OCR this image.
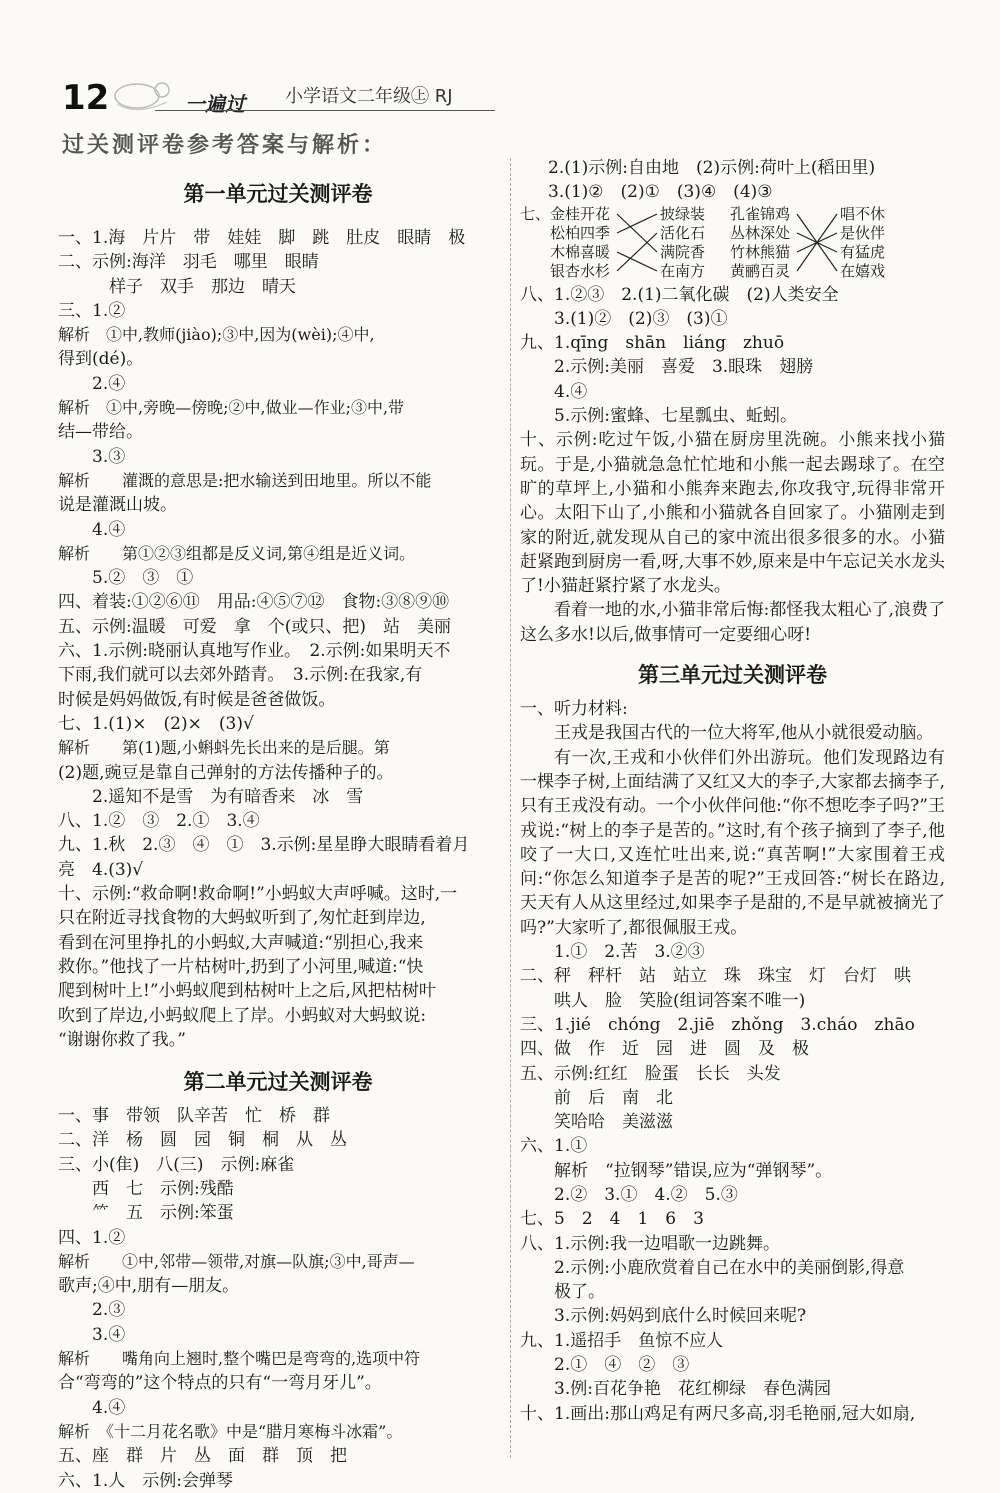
12	一遍过 小学语文二年级㊤ RJ
过关测评卷参考答案与解析：
第一单元过关测评卷
一、1.海　片片　带　娃娃　脚　跳　肚皮　眼睛　极
二、示例:海洋　羽毛　哪里　眼睛
　　　样子　双手　那边　晴天
三、1.②
解析　①中,教师(jiào);③中,因为(wèi);④中,
得到(dé)。
　　2.④
解析　①中,旁晚—傍晚;②中,做业—作业;③中,带
结—带给。
　　3.③
解析　　灌溉的意思是:把水输送到田地里。所以不能
说是灌溉山坡。
　　4.④
解析　　第①②③组都是反义词,第④组是近义词。
　　5.②　③　①
四、着装:①②⑥⑪　用品:④⑤⑦⑫　食物:③⑧⑨⑩
五、示例:温暖　可爱　拿　个(或只、把)　站　美丽
六、1.示例:晓丽认真地写作业。　2.示例:如果明天不
下雨,我们就可以去郊外踏青。　3.示例:在我家,有
时候是妈妈做饭,有时候是爸爸做饭。
七、1.(1)×　(2)×　(3)√
解析　　第(1)题,小蝌蚪先长出来的是后腿。第
(2)题,豌豆是靠自己弹射的方法传播种子的。
　　2.遥知不是雪　为有暗香来　冰　雪
八、1.②　③　2.①　3.④
九、1.秋　2.③　④　①　3.示例:星星睁大眼睛看着月
亮　4.(3)√
十、示例:“救命啊!救命啊!”小蚂蚁大声呼喊。这时,一
只在附近寻找食物的大蚂蚁听到了,匆忙赶到岸边,
看到在河里挣扎的小蚂蚁,大声喊道:“别担心,我来
救你。”他找了一片枯树叶,扔到了小河里,喊道:“快
爬到树叶上!”小蚂蚁爬到枯树叶上之后,风把枯树叶
吹到了岸边,小蚂蚁爬上了岸。小蚂蚁对大蚂蚁说:
“谢谢你救了我。”
第二单元过关测评卷
一、事　带领　队辛苦　忙　桥　群
二、洋　杨　圆　园　铜　桐　从　丛
三、小(隹)　八(三)　示例:麻雀
　　西　七　示例:残酷
　　⺮　五　示例:笨蛋
四、1.②
解析　　①中,邻带—领带,对旗—队旗;③中,哥声—
歌声;④中,朋有—朋友。
　　2.③
　　3.④
解析　　嘴角向上翘时,整个嘴巴是弯弯的,选项中符
合“弯弯的”这个特点的只有“一弯月牙儿”。
　　4.④
解析　《十二月花名歌》中是“腊月寒梅斗冰霜”。
五、座　群　片　丛　面　群　顶　把
六、1.人　示例:会弹琴
2.(1)示例:自由地　(2)示例:荷叶上(稻田里)
3.(1)②　(2)①　(3)④　(4)③
七、 金桂开花
松柏四季
木棉喜暖
银杏水杉
披绿装
活化石
满院香
在南方
孔雀锦鸡
丛林深处
竹林熊猫
黄鹂百灵
唱不休
是伙伴
有猛虎
在嬉戏
八、1.②③　2.(1)二氧化碳　(2)人类安全
　　3.(1)②　(2)③　(3)①
九、1.qīng　shān　liáng　zhuō
　　2.示例:美丽　喜爱　3.眼珠　翅膀
　　4.④
　　5.示例:蜜蜂、七星瓢虫、蚯蚓。
十、示例:吃过午饭,小猫在厨房里洗碗。小熊来找小猫玩。于是,小猫就急急忙忙地和小熊一起去踢球了。在空旷的草坪上,小猫和小熊奔来跑去,你攻我守,玩得非常开心。太阳下山了,小熊和小猫就各自回家了。小猫刚走到家的附近,就发现从自己的家中流出很多很多的水。小猫赶紧跑到厨房一看,呀,大事不妙,原来是中午忘记关水龙头了!小猫赶紧拧紧了水龙头。
看着一地的水,小猫非常后悔:都怪我太粗心了,浪费了这么多水!以后,做事情可一定要细心呀!
第三单元过关测评卷
一、听力材料:
王戎是我国古代的一位大将军,他从小就很爱动脑。
有一次,王戎和小伙伴们外出游玩。他们发现路边有一棵李子树,上面结满了又红又大的李子,大家都去摘李子,只有王戎没有动。一个小伙伴问他:“你不想吃李子吗?”王戎说:“树上的李子是苦的。”这时,有个孩子摘到了李子,他咬了一大口,又连忙吐出来,说:“真苦啊!”大家围着王戎问:“你怎么知道李子是苦的呢?”王戎回答:“树长在路边,天天有人从这里经过,如果李子是甜的,不是早就被摘光了吗?”大家听了,都很佩服王戎。
　　1.①　2.苦　3.②③
二、秤　秤杆　站　站立　珠　珠宝　灯　台灯　哄
　　哄人　脸　笑脸(组词答案不唯一)
三、1.jié　chóng　2.jiē　zhǒng　3.cháo　zhāo
四、做　作　近　园　进　圆　及　极
五、示例:红红　脸蛋　长长　头发
　　前　后　南　北
　　笑哈哈　美滋滋
六、1.①
　　解析　“拉钢琴”错误,应为“弹钢琴”。
　　2.②　3.①　4.②　5.③
七、5　2　4　1　6　3
八、1.示例:我一边唱歌一边跳舞。
　　2.示例:小鹿欣赏着自己在水中的美丽倒影,得意
　　极了。
　　3.示例:妈妈到底什么时候回来呢?
九、1.遥招手　鱼惊不应人
　　2.①　④　②　③
　　3.例:百花争艳　花红柳绿　春色满园
十、1.画出:那山鸡足有两尺多高,羽毛艳丽,冠大如扇,
